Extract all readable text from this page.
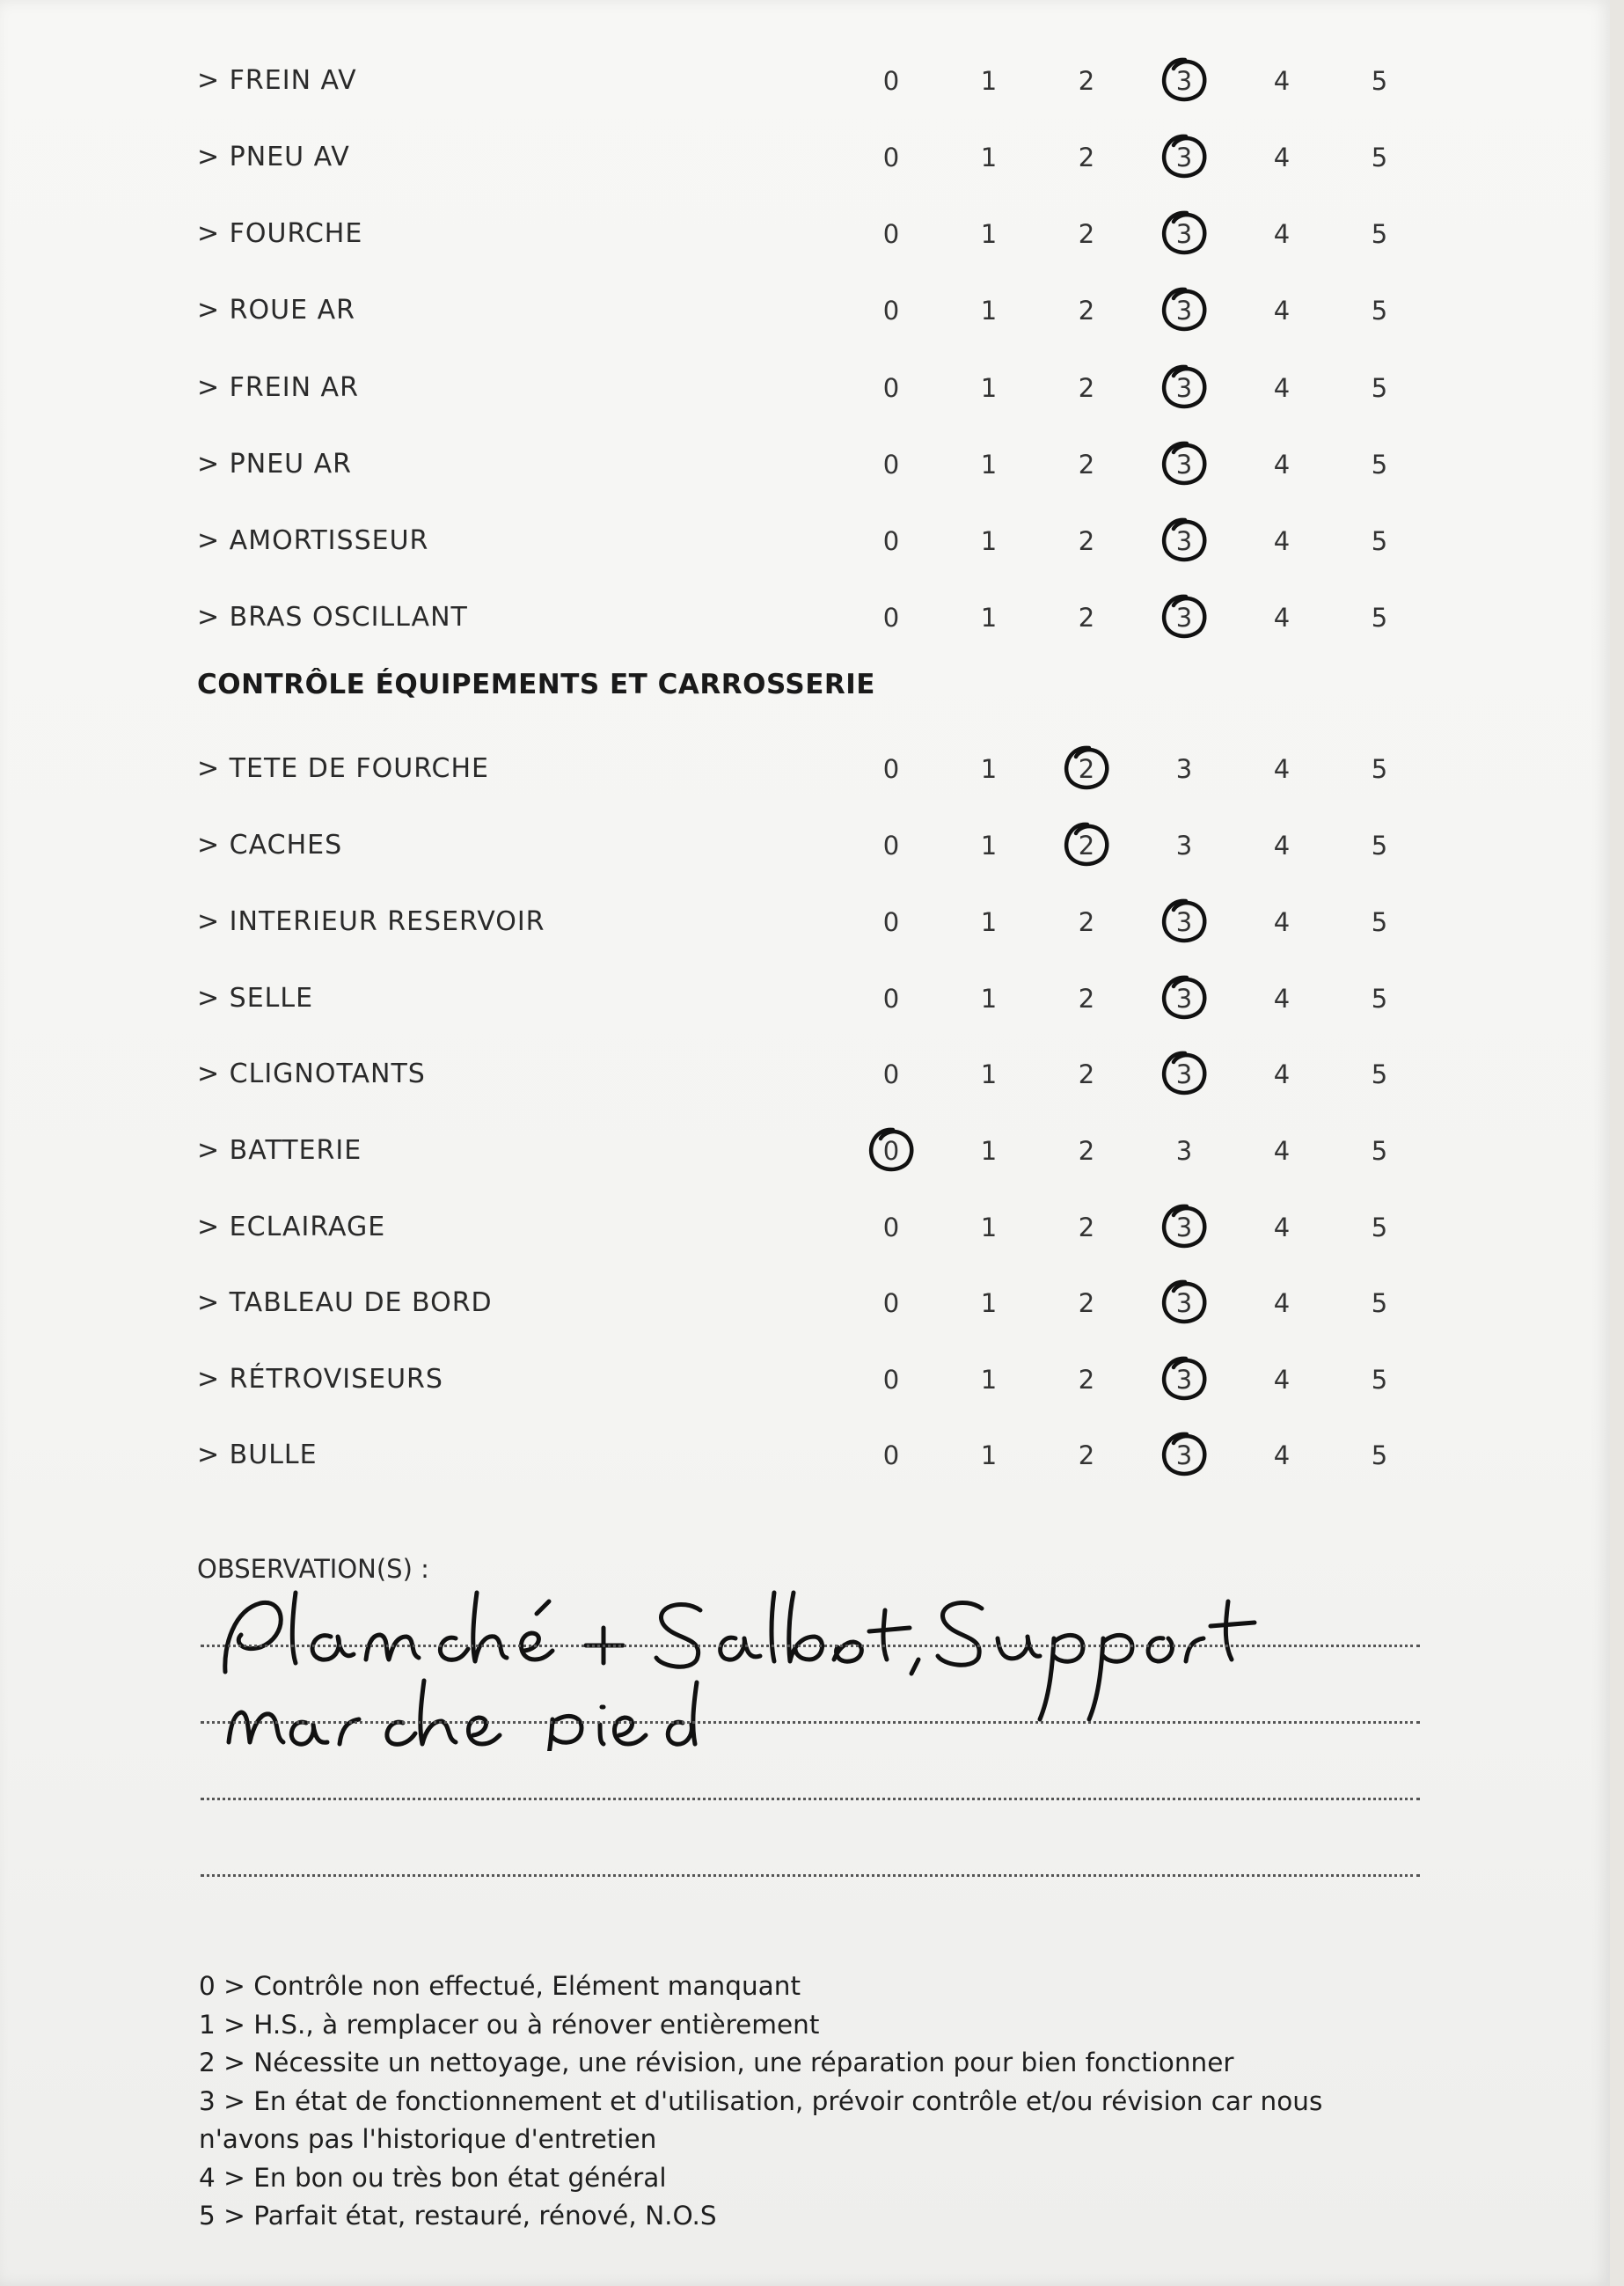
> FREIN AV	0	1	2	3	4	5
> PNEU AV	0	1	2	3	4	5
> FOURCHE	0	1	2	3	4	5
> ROUE AR	0	1	2	3	4	5
> FREIN AR	0	1	2	3	4	5
> PNEU AR	0	1	2	3	4	5
> AMORTISSEUR	0	1	2	3	4	5
> BRAS OSCILLANT	0	1	2	3	4	5
CONTRÔLE ÉQUIPEMENTS ET CARROSSERIE
> TETE DE FOURCHE	0	1	2	3	4	5
> CACHES	0	1	2	3	4	5
> INTERIEUR RESERVOIR	0	1	2	3	4	5
> SELLE	0	1	2	3	4	5
> CLIGNOTANTS	0	1	2	3	4	5
> BATTERIE	0	1	2	3	4	5
> ECLAIRAGE	0	1	2	3	4	5
> TABLEAU DE BORD	0	1	2	3	4	5
> RÉTROVISEURS	0	1	2	3	4	5
> BULLE	0	1	2	3	4	5
OBSERVATION(S) :

0 > Contrôle non effectué, Elément manquant

1 > H.S., à remplacer ou à rénover entièrement

2 > Nécessite un nettoyage, une révision, une réparation pour bien fonctionner

3 > En état de fonctionnement et d'utilisation, prévoir contrôle et/ou révision car nous n'avons pas l'historique d'entretien

4 > En bon ou très bon état général

5 > Parfait état, restauré, rénové, N.O.S
